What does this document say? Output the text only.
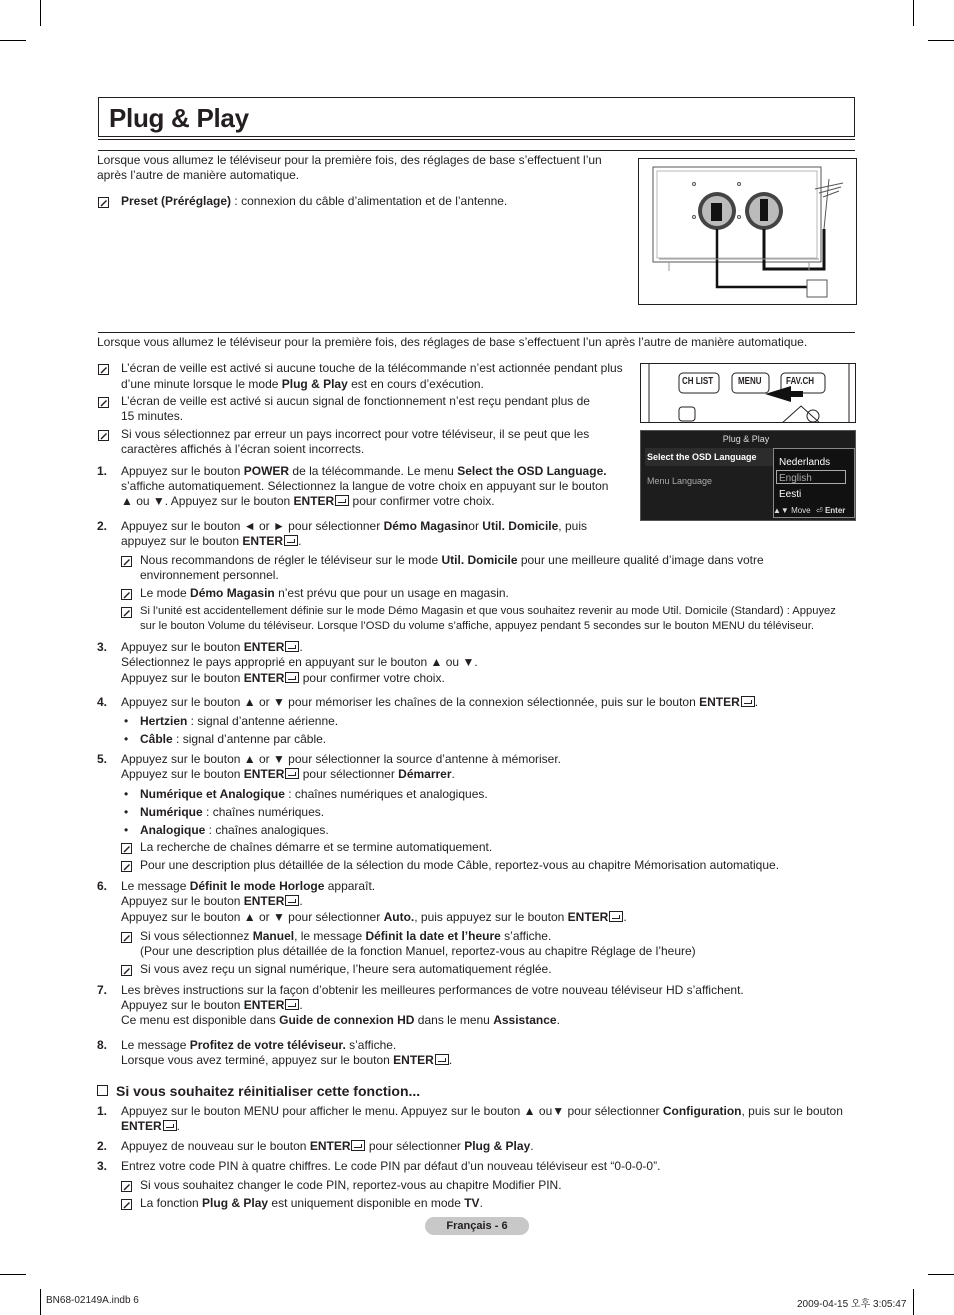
Plug & Play
Lorsque vous allumez le téléviseur pour la première fois, des réglages de base s’effectuent l’un
après l’autre de manière automatique.
Preset (Préréglage) : connexion du câble d’alimentation et de l’antenne.
Lorsque vous allumez le téléviseur pour la première fois, des réglages de base s’effectuent l’un après l’autre de manière automatique.
L’écran de veille est activé si aucune touche de la télécommande n’est actionnée pendant plus
d’une minute lorsque le mode Plug & Play est en cours d’exécution.
L’écran de veille est activé si aucun signal de fonctionnement n’est reçu pendant plus de
15 minutes.
Si vous sélectionnez par erreur un pays incorrect pour votre téléviseur, il se peut que les
caractères affichés à l’écran soient incorrects.
CH LIST MENU FAV.CH
Plug & Play
Select the OSD Language
Menu Language
Nederlands
English
Eesti
▲▼ Move ⏎ Enter
1. Appuyez sur le bouton POWER de la télécommande. Le menu Select the OSD Language.
s’affiche automatiquement. Sélectionnez la langue de votre choix en appuyant sur le bouton
▲ ou ▼. Appuyez sur le bouton ENTER pour confirmer votre choix.
2. Appuyez sur le bouton ◄ or ► pour sélectionner Démo Magasinor Util. Domicile, puis
appuyez sur le bouton ENTER .
Nous recommandons de régler le téléviseur sur le mode Util. Domicile pour une meilleure qualité d’image dans votre
environnement personnel.
Le mode Démo Magasin n’est prévu que pour un usage en magasin.
Si l’unité est accidentellement définie sur le mode Démo Magasin et que vous souhaitez revenir au mode Util. Domicile (Standard) : Appuyez
sur le bouton Volume du téléviseur. Lorsque l’OSD du volume s’affiche, appuyez pendant 5 secondes sur le bouton MENU du téléviseur.
3. Appuyez sur le bouton ENTER .
Sélectionnez le pays approprié en appuyant sur le bouton ▲ ou ▼.
Appuyez sur le bouton ENTER pour confirmer votre choix.
4. Appuyez sur le bouton ▲ or ▼ pour mémoriser les chaînes de la connexion sélectionnée, puis sur le bouton ENTER .
• Hertzien : signal d’antenne aérienne.
• Câble : signal d’antenne par câble.
5. Appuyez sur le bouton ▲ or ▼ pour sélectionner la source d’antenne à mémoriser.
Appuyez sur le bouton ENTER pour sélectionner Démarrer.
• Numérique et Analogique : chaînes numériques et analogiques.
• Numérique : chaînes numériques.
• Analogique : chaînes analogiques.
La recherche de chaînes démarre et se termine automatiquement.
Pour une description plus détaillée de la sélection du mode Câble, reportez-vous au chapitre Mémorisation automatique.
6. Le message Définit le mode Horloge apparaît.
Appuyez sur le bouton ENTER .
Appuyez sur le bouton ▲ or ▼ pour sélectionner Auto., puis appuyez sur le bouton ENTER .
Si vous sélectionnez Manuel, le message Définit la date et l’heure s’affiche.
(Pour une description plus détaillée de la fonction Manuel, reportez-vous au chapitre Réglage de l’heure)
Si vous avez reçu un signal numérique, l’heure sera automatiquement réglée.
7. Les brèves instructions sur la façon d’obtenir les meilleures performances de votre nouveau téléviseur HD s’affichent.
Appuyez sur le bouton ENTER .
Ce menu est disponible dans Guide de connexion HD dans le menu Assistance.
8. Le message Profitez de votre téléviseur. s’affiche.
Lorsque vous avez terminé, appuyez sur le bouton ENTER .
Si vous souhaitez réinitialiser cette fonction...
1. Appuyez sur le bouton MENU pour afficher le menu. Appuyez sur le bouton ▲ ou▼ pour sélectionner Configuration, puis sur le bouton
ENTER .
2. Appuyez de nouveau sur le bouton ENTER pour sélectionner Plug & Play.
3. Entrez votre code PIN à quatre chiffres. Le code PIN par défaut d’un nouveau téléviseur est “0-0-0-0”.
Si vous souhaitez changer le code PIN, reportez-vous au chapitre Modifier PIN.
La fonction Plug & Play est uniquement disponible en mode TV.
Français - 6
BN68-02149A.indb 6	2009-04-15 오후 3:05:47
